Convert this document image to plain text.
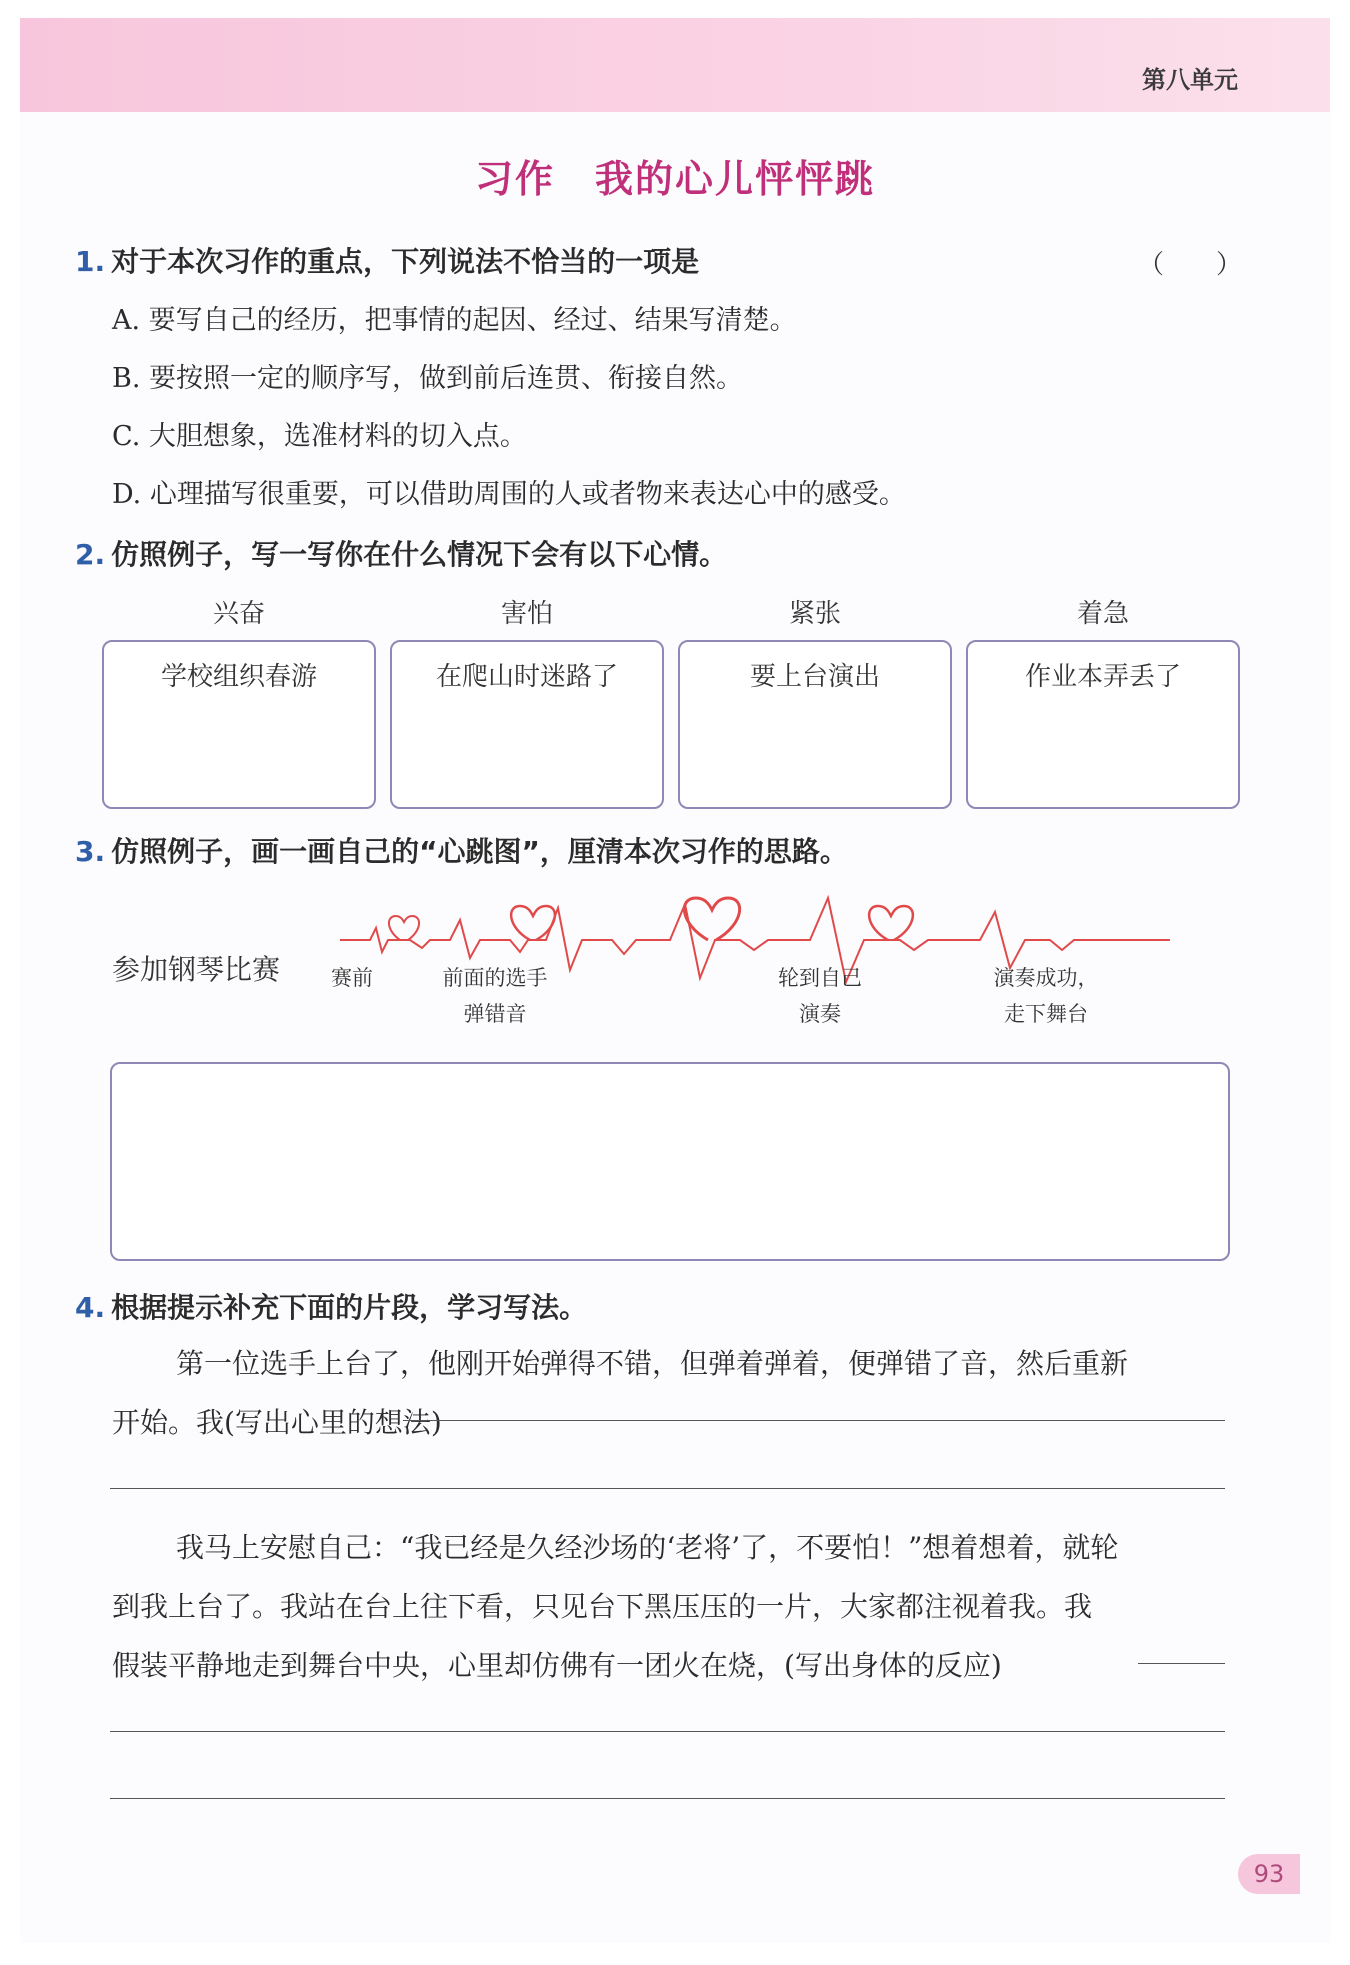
第八单元
习作　我的心儿怦怦跳
1. 对于本次习作的重点，下列说法不恰当的一项是	（　　）
A. 要写自己的经历，把事情的起因、经过、结果写清楚。
B. 要按照一定的顺序写，做到前后连贯、衔接自然。
C. 大胆想象，选准材料的切入点。
D. 心理描写很重要，可以借助周围的人或者物来表达心中的感受。
2. 仿照例子，写一写你在什么情况下会有以下心情。
兴奋	害怕	紧张	着急
学校组织春游	在爬山时迷路了	要上台演出	作业本弄丢了
3. 仿照例子，画一画自己的“心跳图”，厘清本次习作的思路。
参加钢琴比赛	赛前	前面的选手
弹错音
轮到自己
演奏
演奏成功，
走下舞台
4. 根据提示补充下面的片段，学习写法。
第一位选手上台了，他刚开始弹得不错，但弹着弹着，便弹错了音，然后重新
开始。我(写出心里的想法)
我马上安慰自己：“我已经是久经沙场的‘老将’了，不要怕！”想着想着，就轮
到我上台了。我站在台上往下看，只见台下黑压压的一片，大家都注视着我。我
假装平静地走到舞台中央，心里却仿佛有一团火在烧，(写出身体的反应)
93
